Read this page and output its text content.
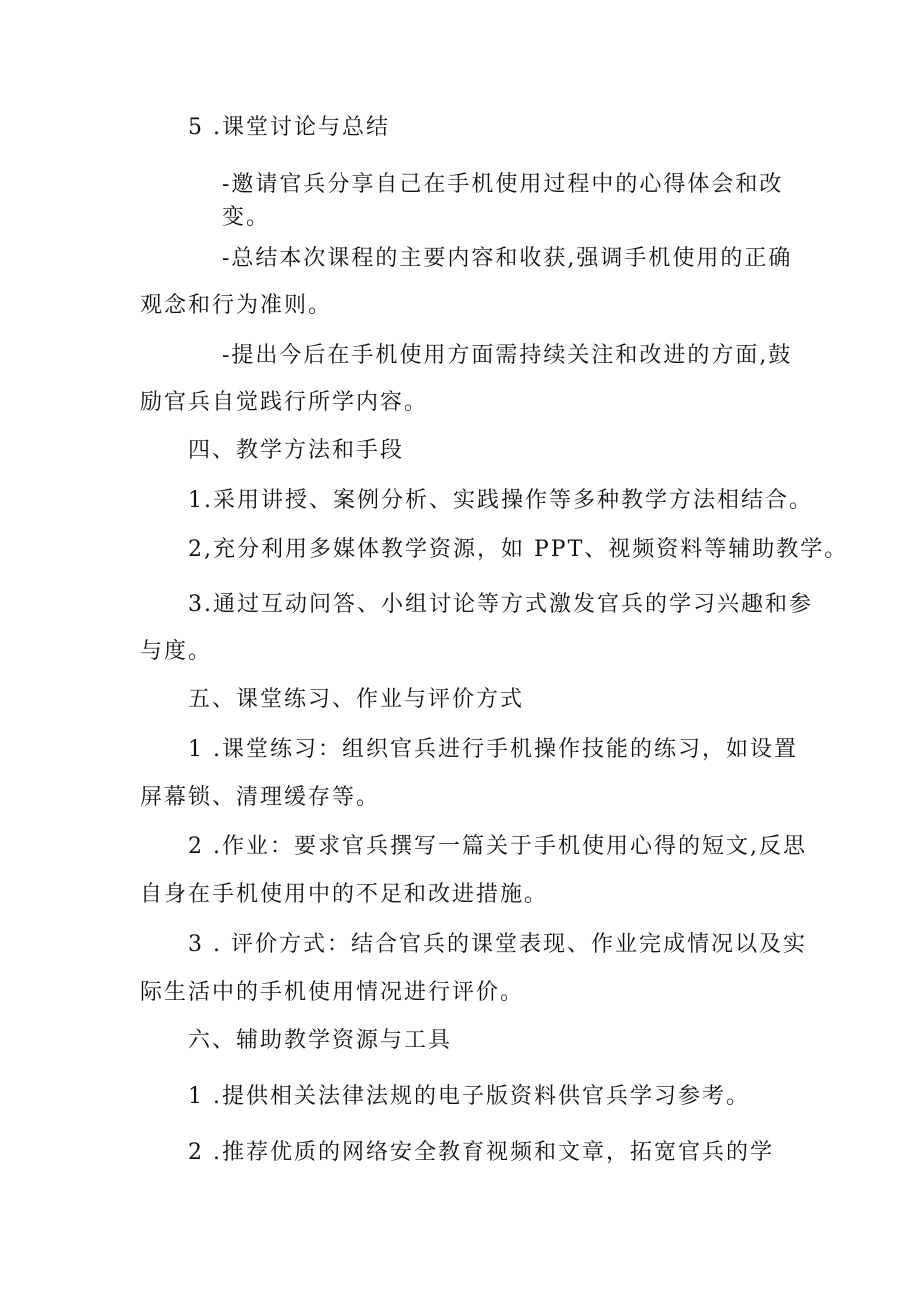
5 .课堂讨论与总结
-邀请官兵分享自己在手机使用过程中的心得体会和改
变。
-总结本次课程的主要内容和收获,强调手机使用的正确
观念和行为准则。
-提出今后在手机使用方面需持续关注和改进的方面,鼓
励官兵自觉践行所学内容。
四、教学方法和手段
1.采用讲授、案例分析、实践操作等多种教学方法相结合。
2,充分利用多媒体教学资源，如 PPT、视频资料等辅助教学。
3.通过互动问答、小组讨论等方式激发官兵的学习兴趣和参
与度。
五、课堂练习、作业与评价方式
1 .课堂练习：组织官兵进行手机操作技能的练习，如设置
屏幕锁、清理缓存等。
2 .作业：要求官兵撰写一篇关于手机使用心得的短文,反思
自身在手机使用中的不足和改进措施。
3 . 评价方式：结合官兵的课堂表现、作业完成情况以及实
际生活中的手机使用情况进行评价。
六、辅助教学资源与工具
1 .提供相关法律法规的电子版资料供官兵学习参考。
2 .推荐优质的网络安全教育视频和文章，拓宽官兵的学
